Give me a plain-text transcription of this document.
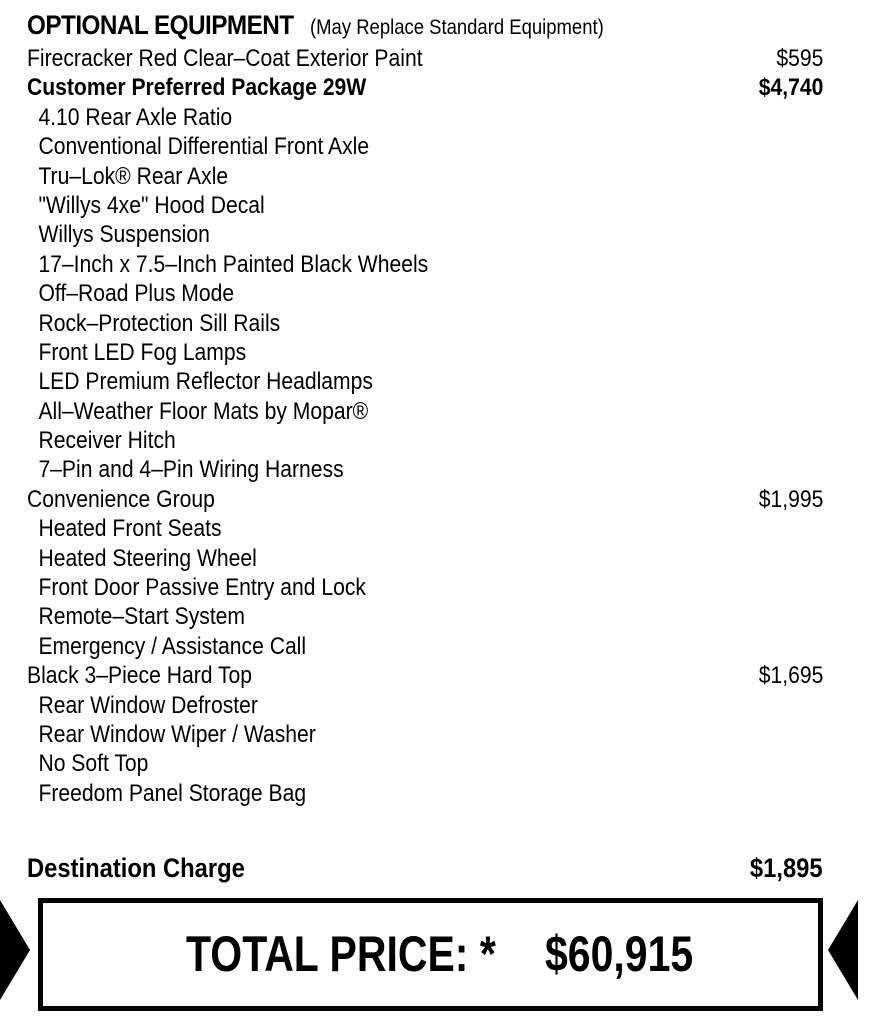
OPTIONAL EQUIPMENT (May Replace Standard Equipment)
Firecracker Red Clear–Coat Exterior Paint	$595
Customer Preferred Package 29W	$4,740
4.10 Rear Axle Ratio
Conventional Differential Front Axle
Tru–Lok® Rear Axle
"Willys 4xe" Hood Decal
Willys Suspension
17–Inch x 7.5–Inch Painted Black Wheels
Off–Road Plus Mode
Rock–Protection Sill Rails
Front LED Fog Lamps
LED Premium Reflector Headlamps
All–Weather Floor Mats by Mopar®
Receiver Hitch
7–Pin and 4–Pin Wiring Harness
Convenience Group	$1,995
Heated Front Seats
Heated Steering Wheel
Front Door Passive Entry and Lock
Remote–Start System
Emergency / Assistance Call
Black 3–Piece Hard Top	$1,695
Rear Window Defroster
Rear Window Wiper / Washer
No Soft Top
Freedom Panel Storage Bag
Destination Charge	$1,895
TOTAL PRICE: * $60,915
